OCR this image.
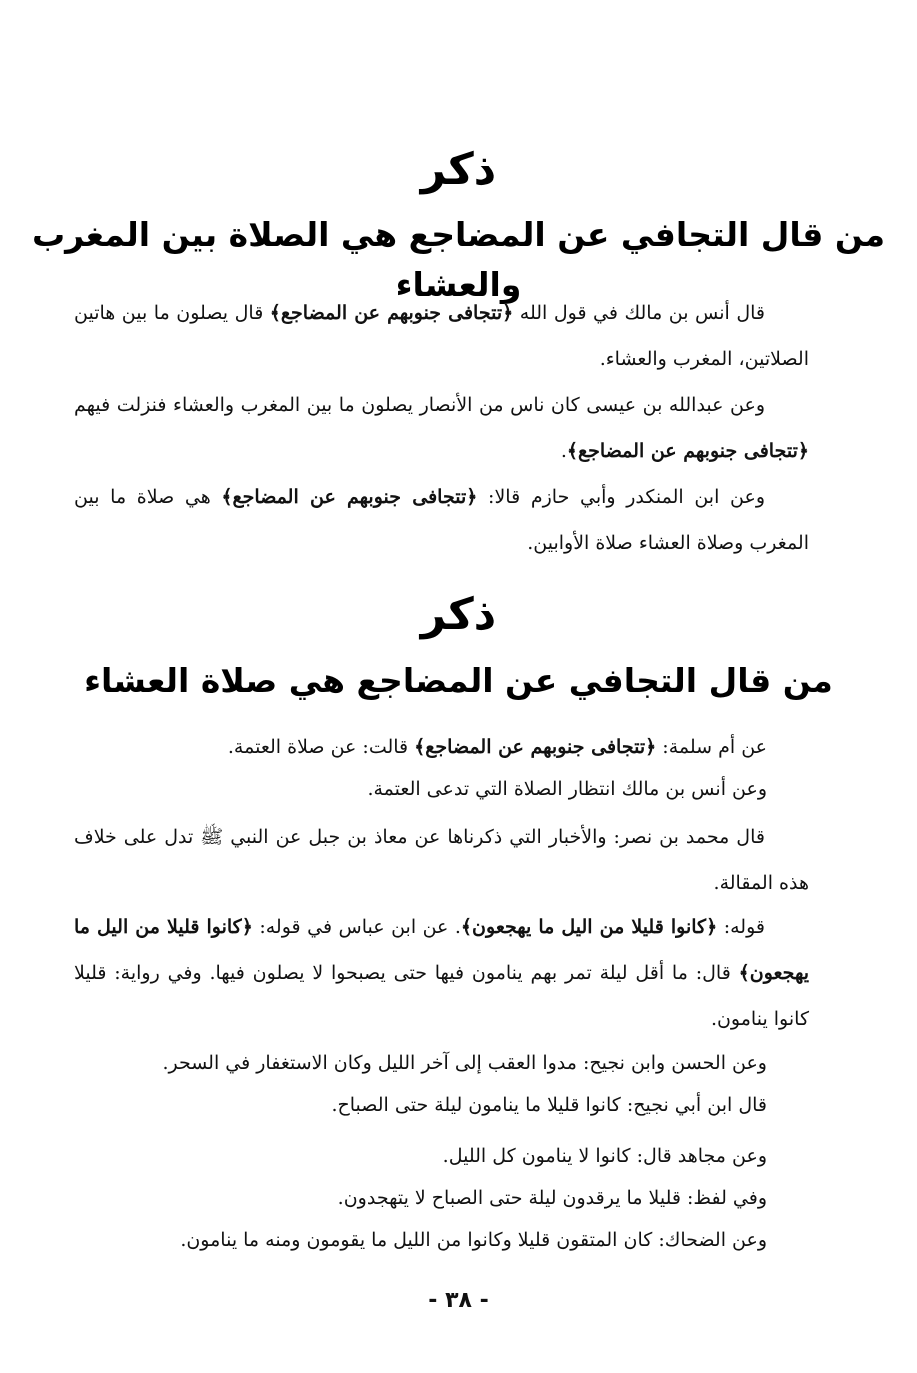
ذكر
من قال التجافي عن المضاجع هي الصلاة بين المغرب والعشاء
قال أنس بن مالك في قول الله ﴿تتجافى جنوبهم عن المضاجع﴾ قال يصلون ما بين هاتين الصلاتين، المغرب والعشاء.
وعن عبدالله بن عيسى كان ناس من الأنصار يصلون ما بين المغرب والعشاء فنزلت فيهم ﴿تتجافى جنوبهم عن المضاجع﴾.
وعن ابن المنكدر وأبي حازم قالا: ﴿تتجافى جنوبهم عن المضاجع﴾ هي صلاة ما بين المغرب وصلاة العشاء صلاة الأوابين.
ذكر
من قال التجافي عن المضاجع هي صلاة العشاء
عن أم سلمة: ﴿تتجافى جنوبهم عن المضاجع﴾ قالت: عن صلاة العتمة.
وعن أنس بن مالك انتظار الصلاة التي تدعى العتمة.
قال محمد بن نصر: والأخبار التي ذكرناها عن معاذ بن جبل عن النبي ﷺ تدل على خلاف هذه المقالة.
قوله: ﴿كانوا قليلا من اليل ما يهجعون﴾. عن ابن عباس في قوله: ﴿كانوا قليلا من اليل ما يهجعون﴾ قال: ما أقل ليلة تمر بهم ينامون فيها حتى يصبحوا لا يصلون فيها. وفي رواية: قليلا كانوا ينامون.
وعن الحسن وابن نجيح: مدوا العقب إلى آخر الليل وكان الاستغفار في السحر.
قال ابن أبي نجيح: كانوا قليلا ما ينامون ليلة حتى الصباح.
وعن مجاهد قال: كانوا لا ينامون كل الليل.
وفي لفظ: قليلا ما يرقدون ليلة حتى الصباح لا يتهجدون.
وعن الضحاك: كان المتقون قليلا وكانوا من الليل ما يقومون ومنه ما ينامون.
- ٣٨ -
